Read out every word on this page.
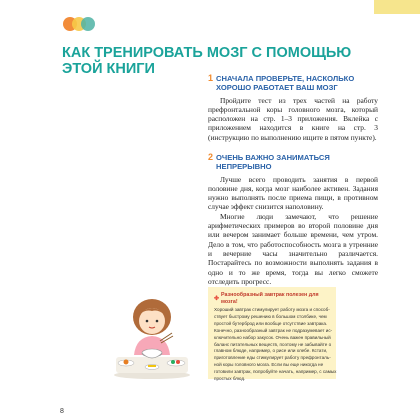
КАК ТРЕНИРОВАТЬ МОЗГ С ПОМОЩЬЮ
ЭТОЙ КНИГИ
1 СНАЧАЛА ПРОВЕРЬТЕ, НАСКОЛЬКО
ХОРОШО РАБОТАЕТ ВАШ МОЗГ

Пройдите тест из трех частей на работу префронтальной коры головного мозга, который расположен на стр. 1–3 приложения. Вклейка с приложением находится в книге на стр. 3 (инструкцию по выполнению ищите в пятом пункте).

2 ОЧЕНЬ ВАЖНО ЗАНИМАТЬСЯ
НЕПРЕРЫВНО

Лучше всего проводить занятия в первой половине дня, когда мозг наиболее активен. Задания нужно выполнять после приема пищи, в противном случае эффект снизится наполовину.

Многие люди замечают, что решение арифметических примеров во второй половине дня или вечером занимает больше времени, чем утром. Дело в том, что работоспособность мозга в утренние и вечерние часы значительно различается. Постарайтесь по возможности выполнять задания в одно и то же время, тогда вы легко сможете отследить прогресс.

✤
Разнообразный завтрак полезен для мозга!
Хороший завтрак стимулирует работу мозга и способ-
ствует быстрому решению в большом столбике, чем
простой бутерброд или вообще отсутствие завтрака.
Конечно, разнообразный завтрак не подразумевает ис-
ключительно набор закусок. Очень важен правильный
баланс питательных веществ, поэтому не забывайте о
главном блюде, например, о рисе или хлебе. Кстати,
приготовление еды стимулирует работу префронталь-
ной коры головного мозга. Если вы еще никогда не
готовили завтрак, попробуйте начать, например, с самых
простых блюд.
8
